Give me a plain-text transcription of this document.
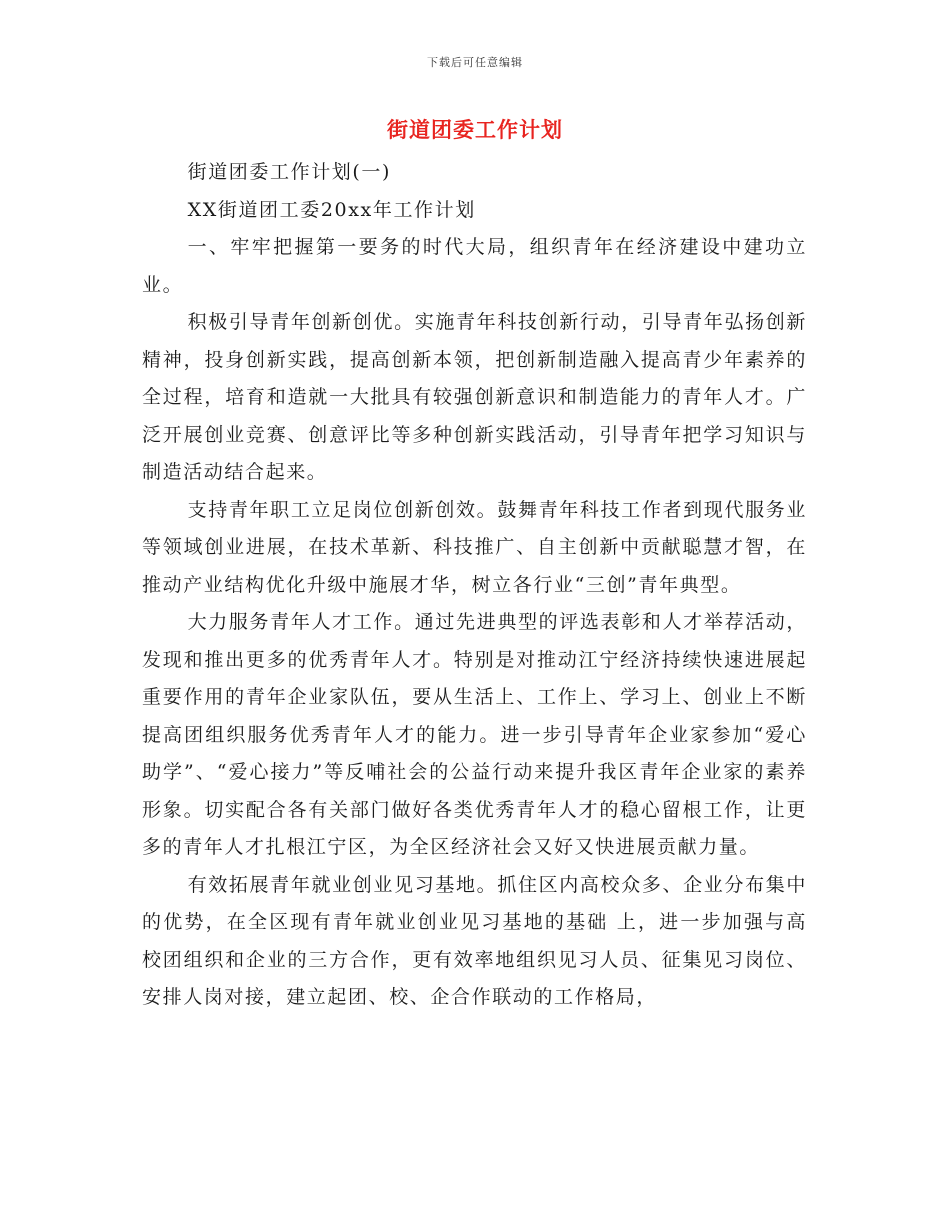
下载后可任意编辑
街道团委工作计划

街道团委工作计划(一)

XX街道团工委20xx年工作计划

一、牢牢把握第一要务的时代大局，组织青年在经济建设中建功立业。

积极引导青年创新创优。实施青年科技创新行动，引导青年弘扬创新精神，投身创新实践，提高创新本领，把创新制造融入提高青少年素养的全过程，培育和造就一大批具有较强创新意识和制造能力的青年人才。广泛开展创业竞赛、创意评比等多种创新实践活动，引导青年把学习知识与制造活动结合起来。

支持青年职工立足岗位创新创效。鼓舞青年科技工作者到现代服务业等领域创业进展，在技术革新、科技推广、自主创新中贡献聪慧才智，在推动产业结构优化升级中施展才华，树立各行业“三创”青年典型。

大力服务青年人才工作。通过先进典型的评选表彰和人才举荐活动，发现和推出更多的优秀青年人才。特别是对推动江宁经济持续快速进展起重要作用的青年企业家队伍，要从生活上、工作上、学习上、创业上不断提高团组织服务优秀青年人才的能力。进一步引导青年企业家参加“爱心助学”、“爱心接力”等反哺社会的公益行动来提升我区青年企业家的素养形象。切实配合各有关部门做好各类优秀青年人才的稳心留根工作，让更多的青年人才扎根江宁区，为全区经济社会又好又快进展贡献力量。

有效拓展青年就业创业见习基地。抓住区内高校众多、企业分布集中的优势，在全区现有青年就业创业见习基地的基础 上，进一步加强与高校团组织和企业的三方合作，更有效率地组织见习人员、征集见习岗位、安排人岗对接，建立起团、校、企合作联动的工作格局，
